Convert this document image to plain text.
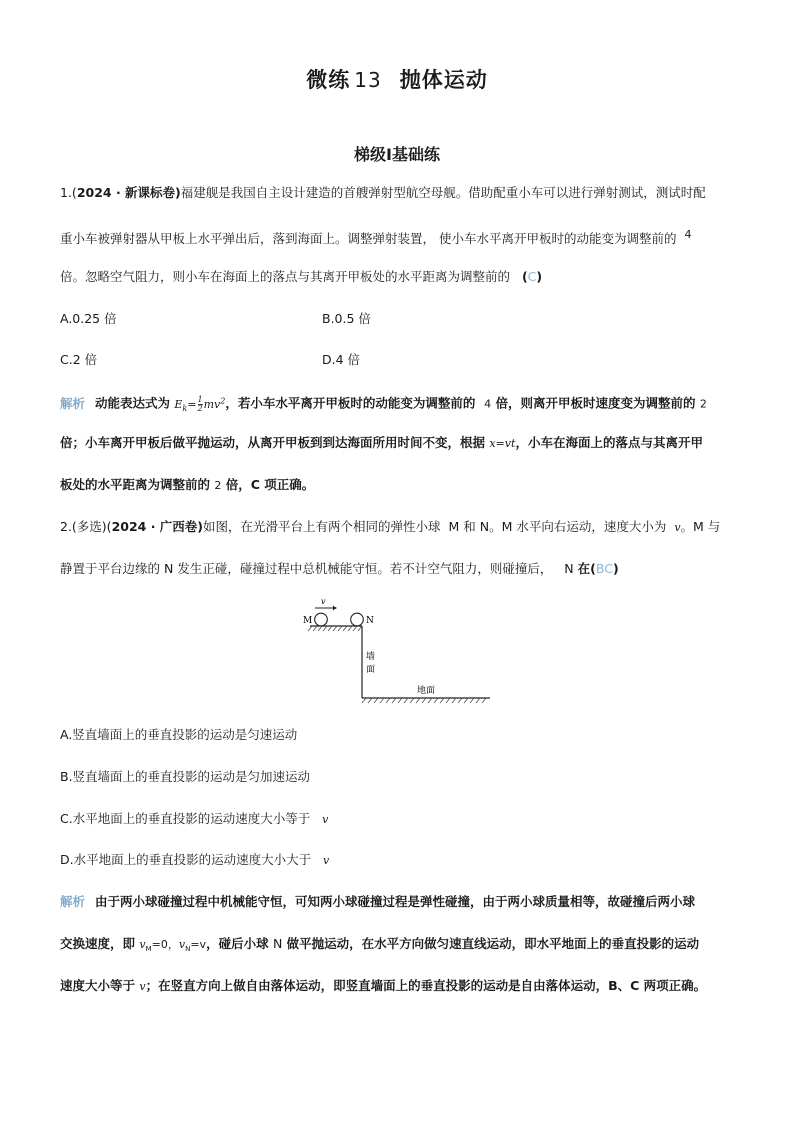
微练 13 抛体运动
梯级Ⅰ基础练
1.(2024 · 新课标卷)福建舰是我国自主设计建造的首艘弹射型航空母舰。借助配重小车可以进行弹射测试，测试时配
重小车被弹射器从甲板上水平弹出后，落到海面上。调整弹射装置， 使小车水平离开甲板时的动能变为调整前的 4
倍。忽略空气阻力，则小车在海面上的落点与其离开甲板处的水平距离为调整前的 (C)
A.0.25 倍	B.0.5 倍
C.2 倍	D.4 倍
解析 动能表达式为 $E_k= \frac{1}{2} mv^2$，若小车水平离开甲板时的动能变为调整前的 4 倍，则离开甲板时速度变为调整前的 2
倍；小车离开甲板后做平抛运动，从离开甲板到到达海面所用时间不变，根据 x=vt，小车在海面上的落点与其离开甲
板处的水平距离为调整前的 2 倍，C 项正确。
2.(多选)(2024 · 广西卷)如图，在光滑平台上有两个相同的弹性小球 M 和 N。M 水平向右运动，速度大小为 v。M 与
静置于平台边缘的 N 发生正碰，碰撞过程中总机械能守恒。若不计空气阻力，则碰撞后， N 在(BC)
v
M	N
墙
面
地面
A.竖直墙面上的垂直投影的运动是匀速运动
B.竖直墙面上的垂直投影的运动是匀加速运动
C.水平地面上的垂直投影的运动速度大小等于 v
D.水平地面上的垂直投影的运动速度大小大于 v
解析 由于两小球碰撞过程中机械能守恒，可知两小球碰撞过程是弹性碰撞，由于两小球质量相等，故碰撞后两小球
交换速度，即 $v_M=0$，$v_N=v$，碰后小球 N 做平抛运动，在水平方向做匀速直线运动，即水平地面上的垂直投影的运动
速度大小等于 v；在竖直方向上做自由落体运动，即竖直墙面上的垂直投影的运动是自由落体运动，B、C 两项正确。
